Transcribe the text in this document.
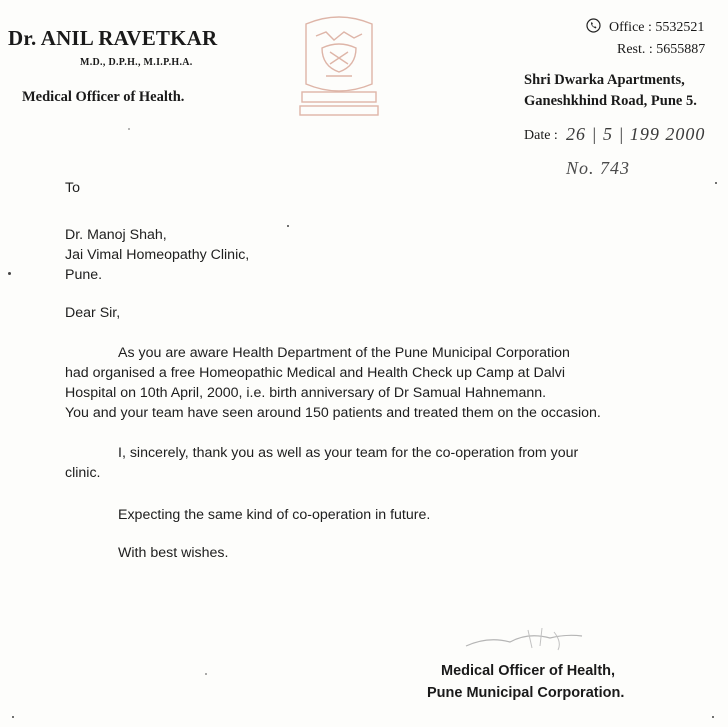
Dr. ANIL RAVETKAR
M.D., D.P.H., M.I.P.H.A.
Medical Officer of Health.
Office : 5532521
Rest. : 5655887
Shri Dwarka Apartments,
Ganeshkhind Road, Pune 5.
Date : 26 | 5 | 199 2000
No. 743
To
Dr. Manoj Shah,
Jai Vimal Homeopathy Clinic,
Pune.
Dear Sir,
As you are aware Health Department of the Pune Municipal Corporation
had organised a free Homeopathic Medical and Health Check up Camp at Dalvi
Hospital on 10th April, 2000, i.e. birth anniversary of Dr Samual Hahnemann.
You and your team have seen around 150 patients and treated them on the occasion.
I, sincerely, thank you as well as your team for the co-operation from your
clinic.
Expecting the same kind of co-operation in future.
With best wishes.
Medical Officer of Health,
Pune Municipal Corporation.
